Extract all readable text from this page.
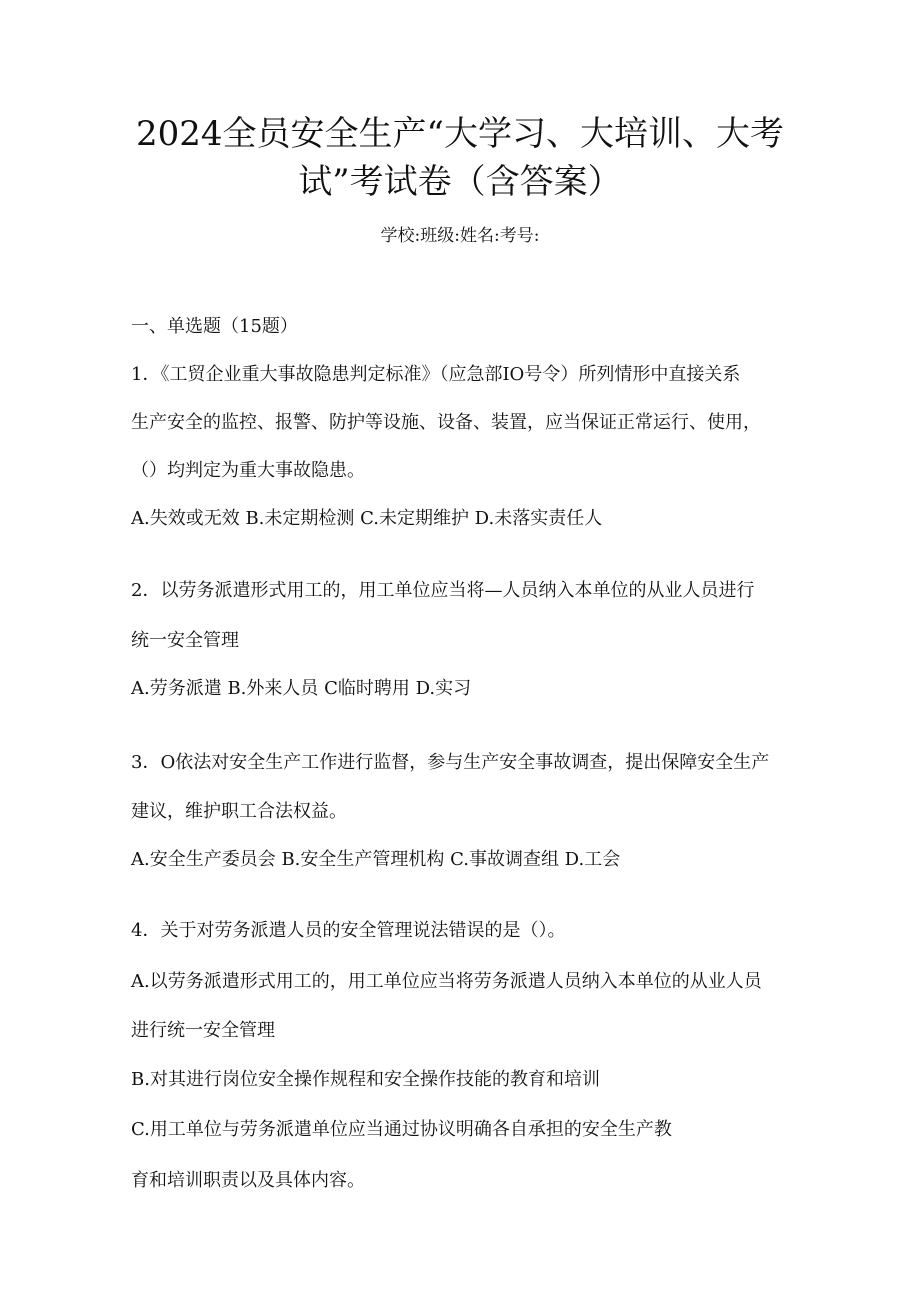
2024全员安全生产“大学习、大培训、大考
试”考试卷（含答案）
学校:班级:姓名:考号:
一、单选题（15题）
1．《工贸企业重大事故隐患判定标准》（应急部IO号令）所列情形中直接关系
生产安全的监控、报警、防护等设施、设备、装置，应当保证正常运行、使用，
（）均判定为重大事故隐患。
A.失效或无效 B.未定期检测 C.未定期维护 D.未落实责任人
2．以劳务派遣形式用工的，用工单位应当将—人员纳入本单位的从业人员进行
统一安全管理
A.劳务派遣 B.外来人员 C临时聘用 D.实习
3．O依法对安全生产工作进行监督，参与生产安全事故调查，提出保障安全生产
建议，维护职工合法权益。
A.安全生产委员会 B.安全生产管理机构 C.事故调查组 D.工会
4．关于对劳务派遣人员的安全管理说法错误的是（）。
A.以劳务派遣形式用工的，用工单位应当将劳务派遣人员纳入本单位的从业人员
进行统一安全管理
B.对其进行岗位安全操作规程和安全操作技能的教育和培训
C.用工单位与劳务派遣单位应当通过协议明确各自承担的安全生产教
育和培训职责以及具体内容。
